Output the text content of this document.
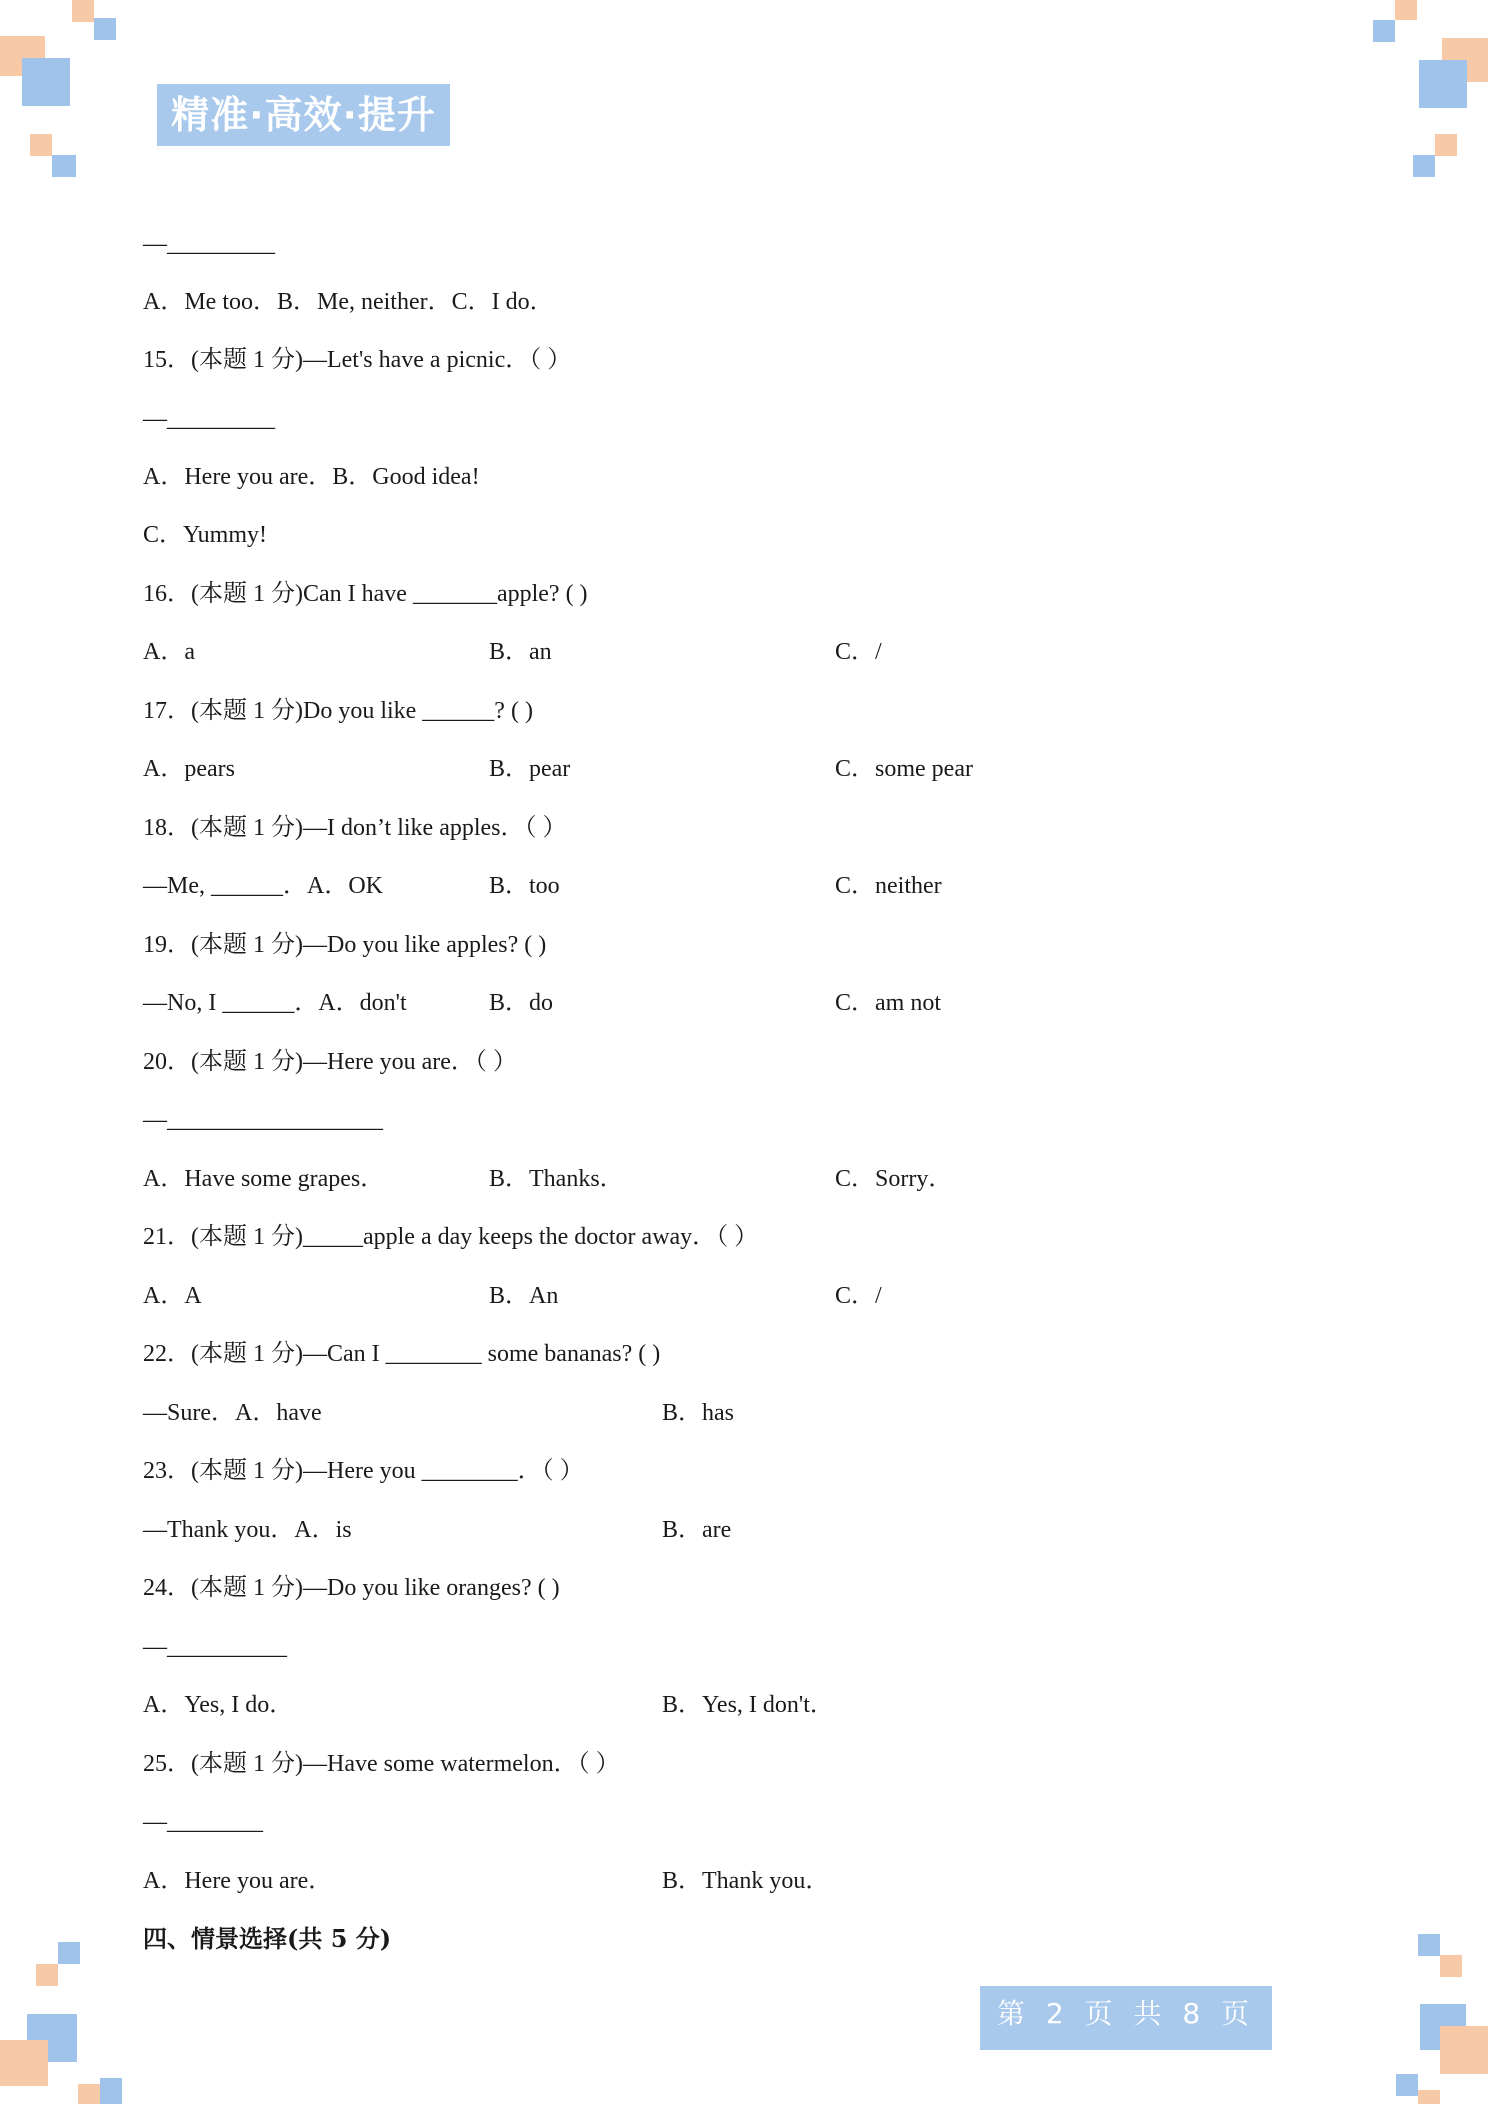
精准·高效·提升
—_________
A．Me too．B．Me, neither．C．I do．
15．(本题 1 分)—Let's have a picnic．（ ）
—_________
A．Here you are．B．Good idea!
C．Yummy!
16．(本题 1 分)Can I have _______apple? ( )
A．a	B．an	C．/
17．(本题 1 分)Do you like ______? ( )
A．pears	B．pear	C．some pear
18．(本题 1 分)—I don’t like apples．（ ）
—Me, ______．A．OK	B．too	C．neither
19．(本题 1 分)—Do you like apples? ( )
—No, I ______．A．don't	B．do	C．am not
20．(本题 1 分)—Here you are．（ ）
—__________________
A．Have some grapes．	B．Thanks．	C．Sorry．
21．(本题 1 分)_____apple a day keeps the doctor away．（ ）
A．A	B．An	C．/
22．(本题 1 分)—Can I ________ some bananas? ( )
—Sure．A．have	B．has
23．(本题 1 分)—Here you ________．（ ）
—Thank you．A．is	B．are
24．(本题 1 分)—Do you like oranges? ( )
—__________
A．Yes, I do．	B．Yes, I don't．
25．(本题 1 分)—Have some watermelon．（ ）
—________
A．Here you are．	B．Thank you．
四、情景选择(共 5 分)
第 2 页 共 8 页
